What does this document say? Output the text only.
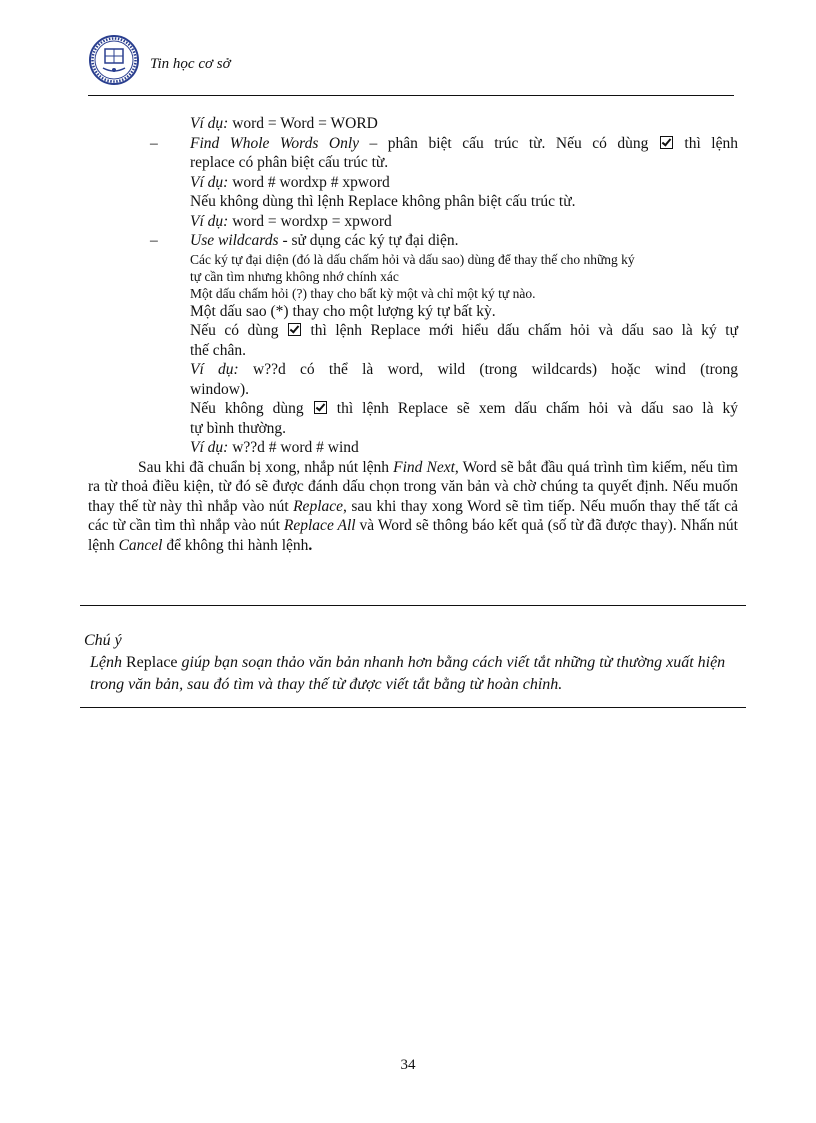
Tin học cơ sở
Ví dụ: word = Word = WORD
– Find Whole Words Only – phân biệt cấu trúc từ. Nếu có dùng  thì lệnh
replace có phân biệt cấu trúc từ.
Ví dụ: word # wordxp # xpword
Nếu không dùng thì lệnh Replace không phân biệt cấu trúc từ.
Ví dụ: word = wordxp = xpword
– Use wildcards - sử dụng các ký tự đại diện.
Các ký tự đại diện (đó là dấu chấm hỏi và dấu sao) dùng để thay thế cho những ký
tự cần tìm nhưng không nhớ chính xác
Một dấu chấm hỏi (?) thay cho bất kỳ một và chỉ một ký tự nào.
Một dấu sao (*) thay cho một lượng ký tự bất kỳ.
Nếu có dùng  thì lệnh Replace mới hiểu dấu chấm hỏi và dấu sao là ký tự
thế chân.
Ví dụ: w??d có thể là word, wild (trong wildcards) hoặc wind (trong
window).
Nếu không dùng  thì lệnh Replace sẽ xem dấu chấm hỏi và dấu sao là ký
tự bình thường.
Ví dụ: w??d # word # wind
Sau khi đã chuẩn bị xong, nhắp nút lệnh Find Next, Word sẽ bắt đầu quá trình tìm kiếm, nếu tìm ra từ thoả điều kiện, từ đó sẽ được đánh dấu chọn trong văn bản và chờ chúng ta quyết định. Nếu muốn thay thế từ này thì nhắp vào nút Replace, sau khi thay xong Word sẽ tìm tiếp. Nếu muốn thay thế tất cả các từ cần tìm thì nhắp vào nút Replace All và Word sẽ thông báo kết quả (số từ đã được thay). Nhấn nút lệnh Cancel để không thi hành lệnh.
Chú ý
Lệnh Replace giúp bạn soạn thảo văn bản nhanh hơn bằng cách viết tắt những từ thường xuất hiện trong văn bản, sau đó tìm và thay thế từ được viết tắt bằng từ hoàn chỉnh.
34
